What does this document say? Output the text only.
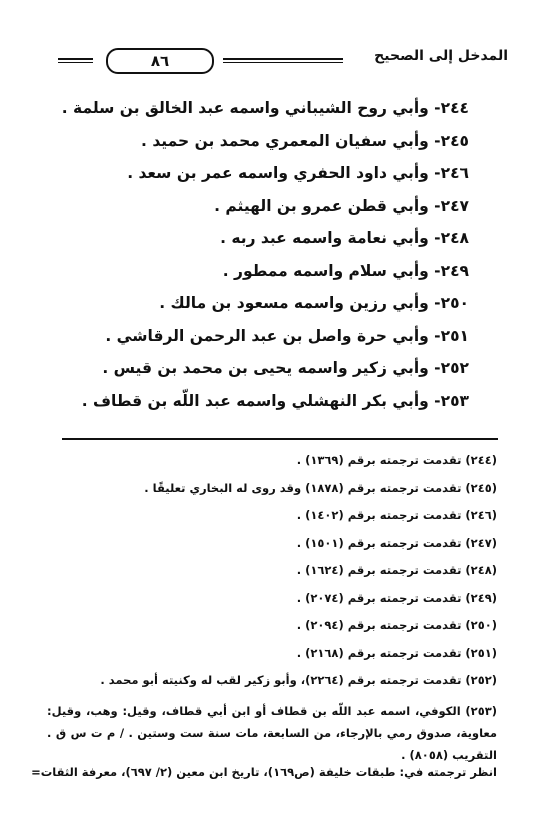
المدخل إلى الصحيح
٨٦
٢٤٤- وأبي روح الشيباني واسمه عبد الخالق بن سلمة .
٢٤٥- وأبي سفيان المعمري محمد بن حميد .
٢٤٦- وأبي داود الحفري واسمه عمر بن سعد .
٢٤٧- وأبي قطن عمرو بن الهيثم .
٢٤٨- وأبي نعامة واسمه عبد ربه .
٢٤٩- وأبي سلام واسمه ممطور .
٢٥٠- وأبي رزين واسمه مسعود بن مالك .
٢٥١- وأبي حرة واصل بن عبد الرحمن الرقاشي .
٢٥٢- وأبي زكير واسمه يحيى بن محمد بن قيس .
٢٥٣- وأبي بكر النهشلي واسمه عبد اللّه بن قطاف .
(٢٤٤) تقدمت ترجمته برقم (١٣٦٩) .
(٢٤٥) تقدمت ترجمته برقم (١٨٧٨) وقد روى له البخاري تعليقًا .
(٢٤٦) تقدمت ترجمته برقم (١٤٠٢) .
(٢٤٧) تقدمت ترجمته برقم (١٥٠١) .
(٢٤٨) تقدمت ترجمته برقم (١٦٢٤) .
(٢٤٩) تقدمت ترجمته برقم (٢٠٧٤) .
(٢٥٠) تقدمت ترجمته برقم (٢٠٩٤) .
(٢٥١) تقدمت ترجمته برقم (٢١٦٨) .
(٢٥٢) تقدمت ترجمته برقم (٢٢٦٤)، وأبو زكير لقب له وكنيته أبو محمد .
(٢٥٣) الكوفي، اسمه عبد اللّه بن قطاف أو ابن أبي قطاف، وقيل: وهب، وقيل: معاوية، صدوق رمي بالإرجاء، من السابعة، مات سنة ست وستين . / م ت س ق . التقريب (٨٠٥٨) .
انظر ترجمته في: طبقات خليفة (ص١٦٩)، تاريخ ابن معين (٢/ ٦٩٧)، معرفة الثقات=
